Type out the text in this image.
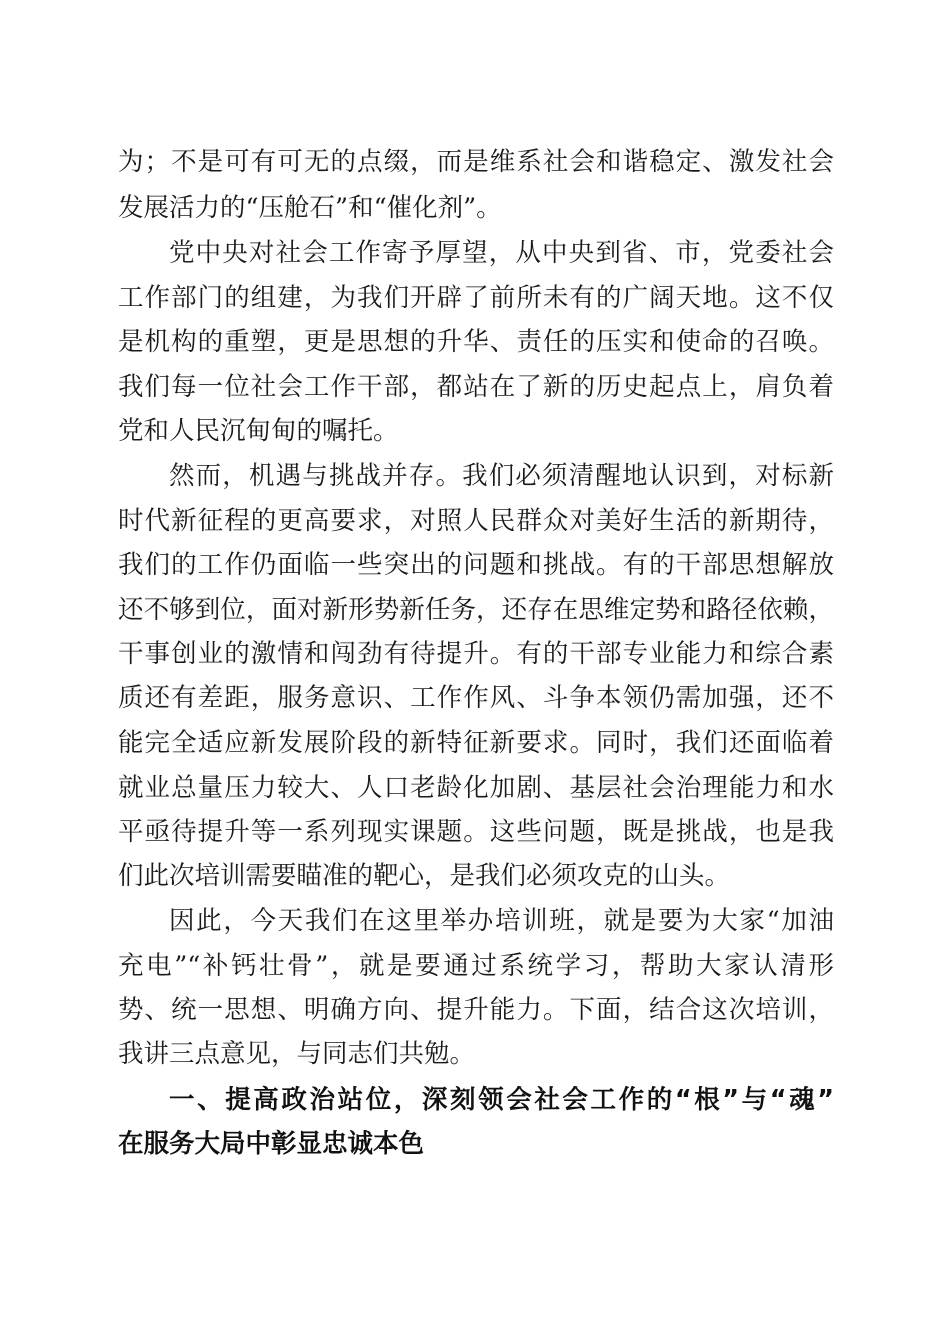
为；不是可有可无的点缀，而是维系社会和谐稳定、激发社会
发展活力的“压舱石”和“催化剂”。
党中央对社会工作寄予厚望，从中央到省、市，党委社会
工作部门的组建，为我们开辟了前所未有的广阔天地。这不仅
是机构的重塑，更是思想的升华、责任的压实和使命的召唤。
我们每一位社会工作干部，都站在了新的历史起点上，肩负着
党和人民沉甸甸的嘱托。
然而，机遇与挑战并存。我们必须清醒地认识到，对标新
时代新征程的更高要求，对照人民群众对美好生活的新期待，
我们的工作仍面临一些突出的问题和挑战。有的干部思想解放
还不够到位，面对新形势新任务，还存在思维定势和路径依赖，
干事创业的激情和闯劲有待提升。有的干部专业能力和综合素
质还有差距，服务意识、工作作风、斗争本领仍需加强，还不
能完全适应新发展阶段的新特征新要求。同时，我们还面临着
就业总量压力较大、人口老龄化加剧、基层社会治理能力和水
平亟待提升等一系列现实课题。这些问题，既是挑战，也是我
们此次培训需要瞄准的靶心，是我们必须攻克的山头。
因此，今天我们在这里举办培训班，就是要为大家“加油
充电”“补钙壮骨”，就是要通过系统学习，帮助大家认清形
势、统一思想、明确方向、提升能力。下面，结合这次培训，
我讲三点意见，与同志们共勉。
一、提高政治站位，深刻领会社会工作的“根”与“魂”
在服务大局中彰显忠诚本色
